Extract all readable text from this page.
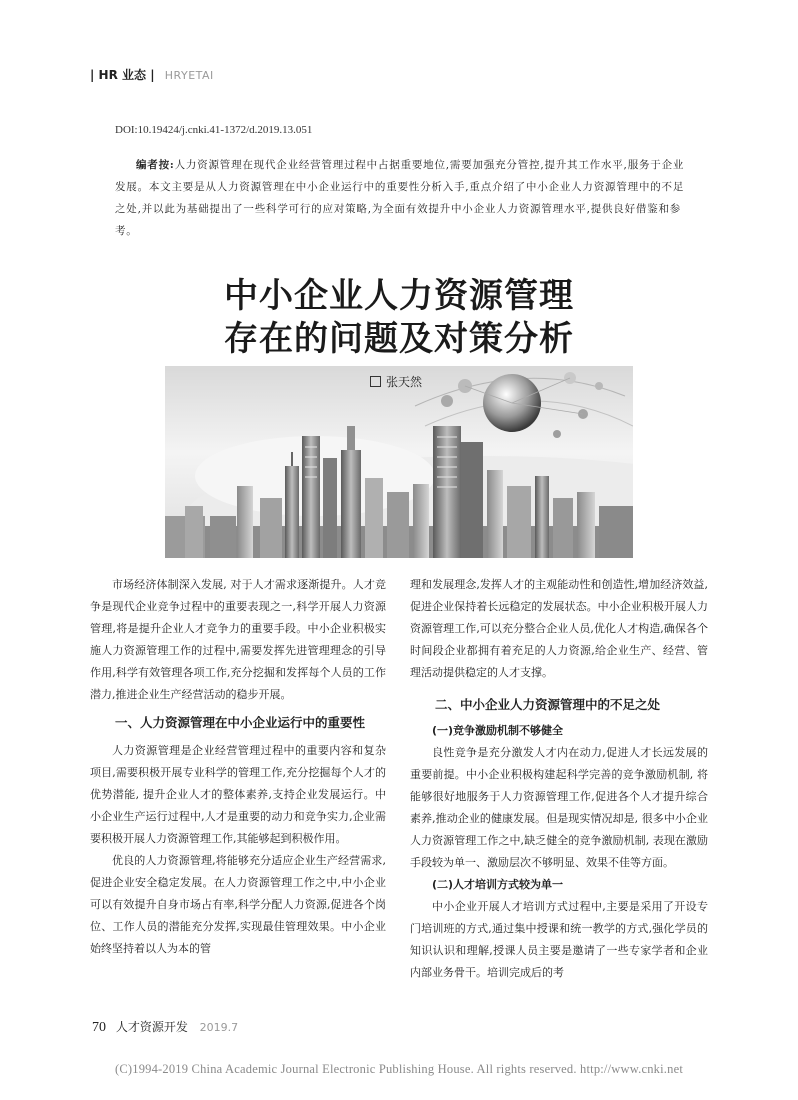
| HR 业态 | HRYETAI
DOI:10.19424/j.cnki.41-1372/d.2019.13.051
编者按:人力资源管理在现代企业经营管理过程中占据重要地位,需要加强充分管控,提升其工作水平,服务于企业发展。本文主要是从人力资源管理在中小企业运行中的重要性分析入手,重点介绍了中小企业人力资源管理中的不足之处,并以此为基础提出了一些科学可行的应对策略,为全面有效提升中小企业人力资源管理水平,提供良好借鉴和参考。
中小企业人力资源管理
存在的问题及对策分析
张天然

市场经济体制深入发展, 对于人才需求逐渐提升。人才竞争是现代企业竞争过程中的重要表现之一,科学开展人力资源管理,将是提升企业人才竞争力的重要手段。中小企业积极实施人力资源管理工作的过程中,需要发挥先进管理理念的引导作用,科学有效管理各项工作,充分挖掘和发挥每个人员的工作潜力,推进企业生产经营活动的稳步开展。

一、人力资源管理在中小企业运行中的重要性

人力资源管理是企业经营管理过程中的重要内容和复杂项目,需要积极开展专业科学的管理工作,充分挖掘每个人才的优势潜能, 提升企业人才的整体素养,支持企业发展运行。中小企业生产运行过程中,人才是重要的动力和竞争实力,企业需要积极开展人力资源管理工作,其能够起到积极作用。

优良的人力资源管理,将能够充分适应企业生产经营需求,促进企业安全稳定发展。在人力资源管理工作之中,中小企业可以有效提升自身市场占有率,科学分配人力资源,促进各个岗位、工作人员的潜能充分发挥,实现最佳管理效果。中小企业始终坚持着以人为本的管

理和发展理念,发挥人才的主观能动性和创造性,增加经济效益,促进企业保持着长远稳定的发展状态。中小企业积极开展人力资源管理工作,可以充分整合企业人员,优化人才构造,确保各个时间段企业都拥有着充足的人力资源,给企业生产、经营、管理活动提供稳定的人才支撑。

二、中小企业人力资源管理中的不足之处
(一)竞争激励机制不够健全

良性竞争是充分激发人才内在动力,促进人才长远发展的重要前提。中小企业积极构建起科学完善的竞争激励机制, 将能够很好地服务于人力资源管理工作,促进各个人才提升综合素养,推动企业的健康发展。但是现实情况却是, 很多中小企业人力资源管理工作之中,缺乏健全的竞争激励机制, 表现在激励手段较为单一、激励层次不够明显、效果不佳等方面。

(二)人才培训方式较为单一

中小企业开展人才培训方式过程中,主要是采用了开设专门培训班的方式,通过集中授课和统一教学的方式,强化学员的知识认识和理解,授课人员主要是邀请了一些专家学者和企业内部业务骨干。培训完成后的考

70 人才资源开发 2019.7
(C)1994-2019 China Academic Journal Electronic Publishing House. All rights reserved. http://www.cnki.net
